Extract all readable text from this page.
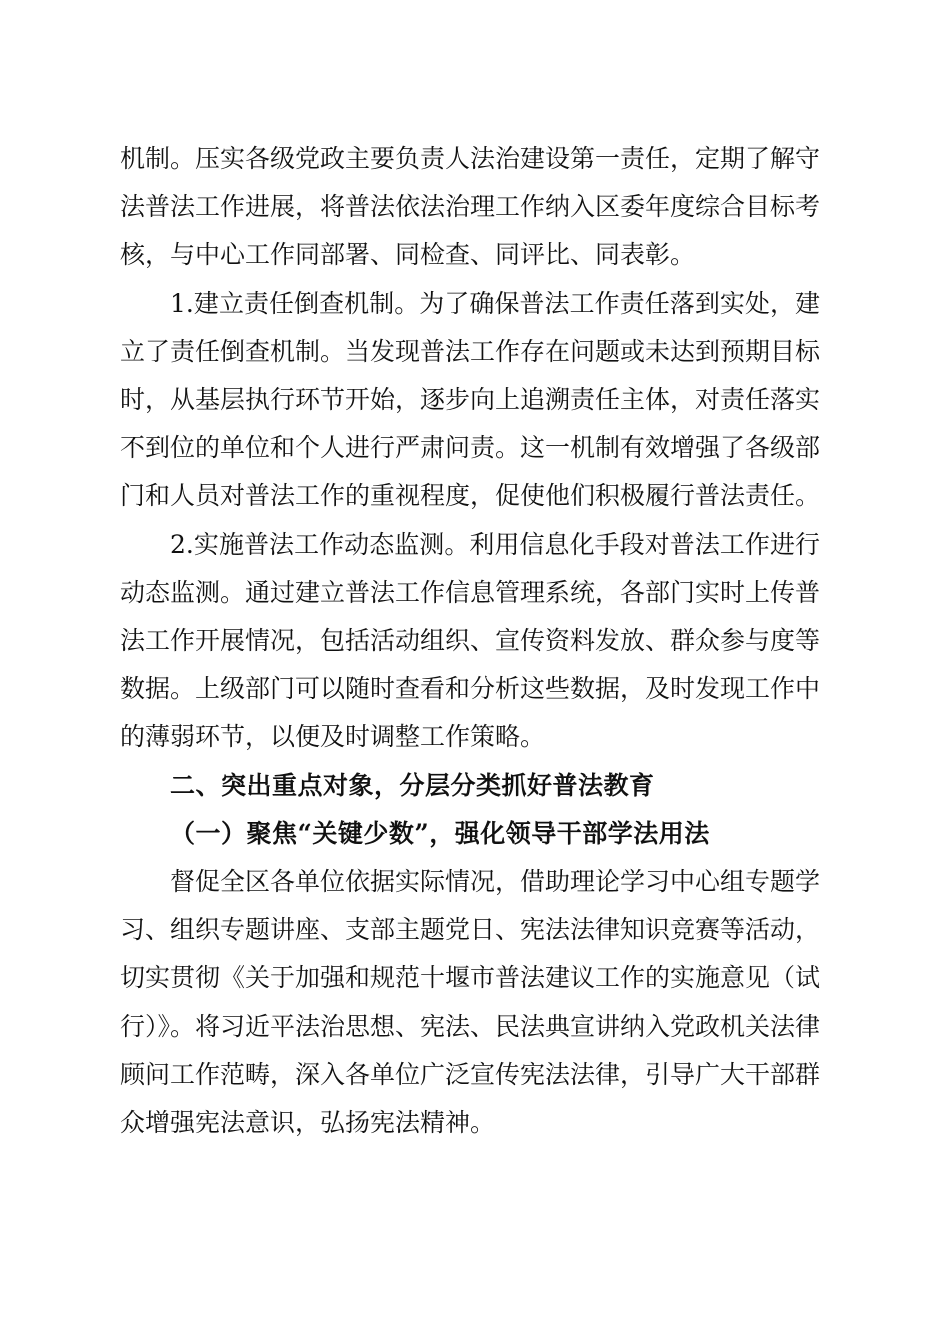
机制。压实各级党政主要负责人法治建设第一责任，定期了解守法普法工作进展，将普法依法治理工作纳入区委年度综合目标考核，与中心工作同部署、同检查、同评比、同表彰。

1.建立责任倒查机制。为了确保普法工作责任落到实处，建立了责任倒查机制。当发现普法工作存在问题或未达到预期目标时，从基层执行环节开始，逐步向上追溯责任主体，对责任落实不到位的单位和个人进行严肃问责。这一机制有效增强了各级部门和人员对普法工作的重视程度，促使他们积极履行普法责任。

2.实施普法工作动态监测。利用信息化手段对普法工作进行动态监测。通过建立普法工作信息管理系统，各部门实时上传普法工作开展情况，包括活动组织、宣传资料发放、群众参与度等数据。上级部门可以随时查看和分析这些数据，及时发现工作中的薄弱环节，以便及时调整工作策略。

二、突出重点对象，分层分类抓好普法教育

（一）聚焦“关键少数”，强化领导干部学法用法

督促全区各单位依据实际情况，借助理论学习中心组专题学习、组织专题讲座、支部主题党日、宪法法律知识竞赛等活动，切实贯彻《关于加强和规范十堰市普法建议工作的实施意见（试行）》。将习近平法治思想、宪法、民法典宣讲纳入党政机关法律顾问工作范畴，深入各单位广泛宣传宪法法律，引导广大干部群众增强宪法意识，弘扬宪法精神。
